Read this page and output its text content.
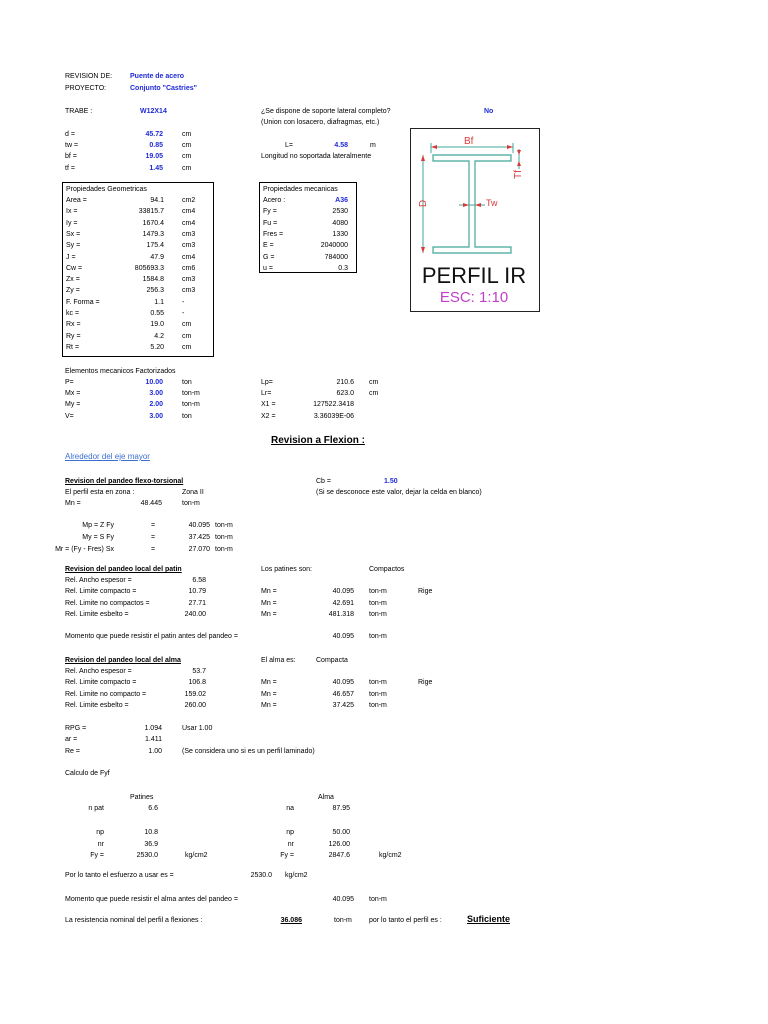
REVISION DE:	Puente de acero
PROYECTO:	Conjunto "Castries"
TRABE :	W12X14	¿Se dispone de soporte lateral completo?	No
(Union con losacero, diafragmas, etc.)
d =	45.72	cm
tw =	0.85	cm
bf =	19.05	cm
tf =	1.45	cm
L=	4.58	m
Longitud no soportada lateralmente
Propiedades Geometricas
Area =	94.1	cm2
Ix =	33815.7	cm4
Iy =	1670.4	cm4
Sx =	1479.3	cm3
Sy =	175.4	cm3
J =	47.9	cm4
Cw =	805693.3	cm6
Zx =	1584.8	cm3
Zy =	256.3	cm3
F. Forma =	1.1	-
kc =	0.55	-
Rx =	19.0	cm
Ry =	4.2	cm
Rt =	5.20	cm
Propiedades mecanicas
Acero :	A36
Fy =	2530
Fu =	4080
Fres =	1330
E =	2040000
G =	784000
u =	0.3
Bf
Tf
D	Tw
PERFIL IR
ESC: 1:10
Elementos mecanicos Factorizados
P=	10.00	ton
Mx =	3.00	ton-m
My =	2.00	ton-m
V=	3.00	ton
Lp=	210.6 cm
Lr=	623.0 cm
X1 =	127522.3418
X2 =	3.36039E-06
Revision a Flexion :
Alrededor del eje mayor
Revision del pandeo flexo-torsional	Cb =	1.50
(Si se desconoce este valor, dejar la celda en blanco)
El perfil esta en zona :	Zona II
Mn =	48.445	ton-m
Mp = Z Fy	=	40.095 ton-m
My = S Fy	=	37.425 ton-m
Mr = (Fy - Fres) Sx	=	27.070 ton-m
Revision del pandeo local del patin	Los patines son:	Compactos
Rel. Ancho espesor =	6.58
Rel. Limite compacto =	10.79	Mn =	40.095 ton-m	Rige
Rel. Limite no compactos =	27.71	Mn =	42.691 ton-m
Rel. Limite esbelto =	240.00	Mn =	481.318 ton-m
Momento que puede resistir el patin antes del pandeo =	40.095 ton-m
Revision del pandeo local del alma	El alma es:	Compacta
Rel. Ancho espesor =	53.7
Rel. Limite compacto =	106.8	Mn =	40.095 ton-m	Rige
Rel. Limite no compacto =	159.02	Mn =	46.657 ton-m
Rel. Limite esbelto =	260.00	Mn =	37.425 ton-m
RPG =	1.094	Usar 1.00
ar =	1.411
Re =	1.00	(Se considera uno si es un perfil laminado)
Calculo de Fyf
Patines	Alma
n pat	6.6	na	87.95
np	10.8	np	50.00
nr	36.9	nr	126.00
Fy =	2530.0	Fy =	2847.6
kg/cm2	kg/cm2
Por lo tanto el esfuerzo a usar es =	2530.0 kg/cm2
Momento que puede resistir el alma antes del pandeo =	40.095 ton-m
La resistencia nominal del perfil a flexiones :	36.086	ton-m por lo tanto el perfil es :	Suficiente
